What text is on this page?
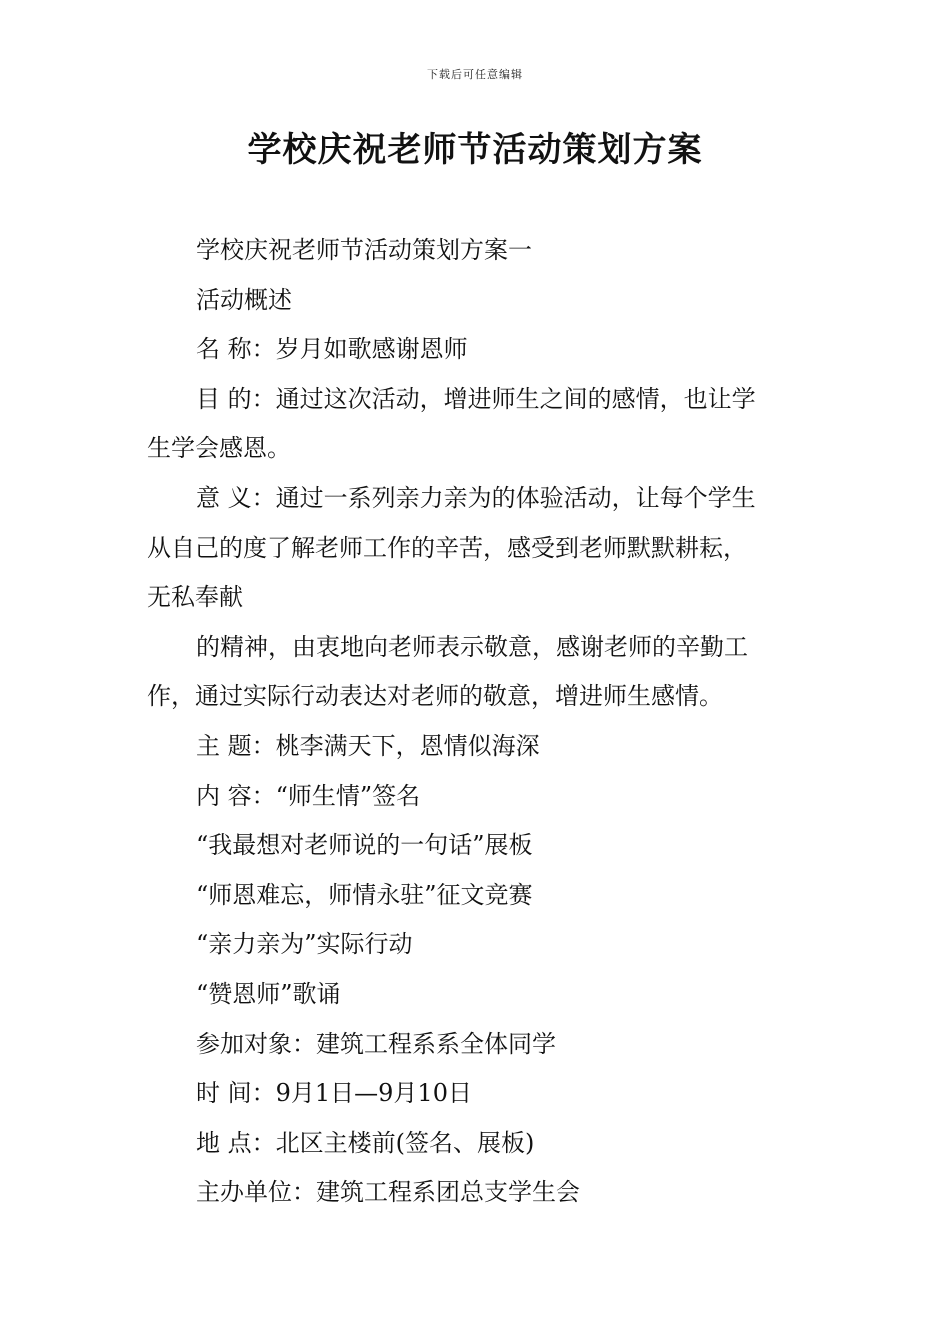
下载后可任意编辑
学校庆祝老师节活动策划方案
学校庆祝老师节活动策划方案一
活动概述
名 称：岁月如歌感谢恩师
目 的：通过这次活动，增进师生之间的感情，也让学
生学会感恩。
意 义：通过一系列亲力亲为的体验活动，让每个学生
从自己的度了解老师工作的辛苦，感受到老师默默耕耘，
无私奉献
的精神，由衷地向老师表示敬意，感谢老师的辛勤工
作，通过实际行动表达对老师的敬意，增进师生感情。
主 题：桃李满天下，恩情似海深
内 容：“师生情”签名
“我最想对老师说的一句话”展板
“师恩难忘，师情永驻”征文竞赛
“亲力亲为”实际行动
“赞恩师”歌诵
参加对象：建筑工程系系全体同学
时 间：9月1日—9月10日
地 点：北区主楼前(签名、展板)
主办单位：建筑工程系团总支学生会
